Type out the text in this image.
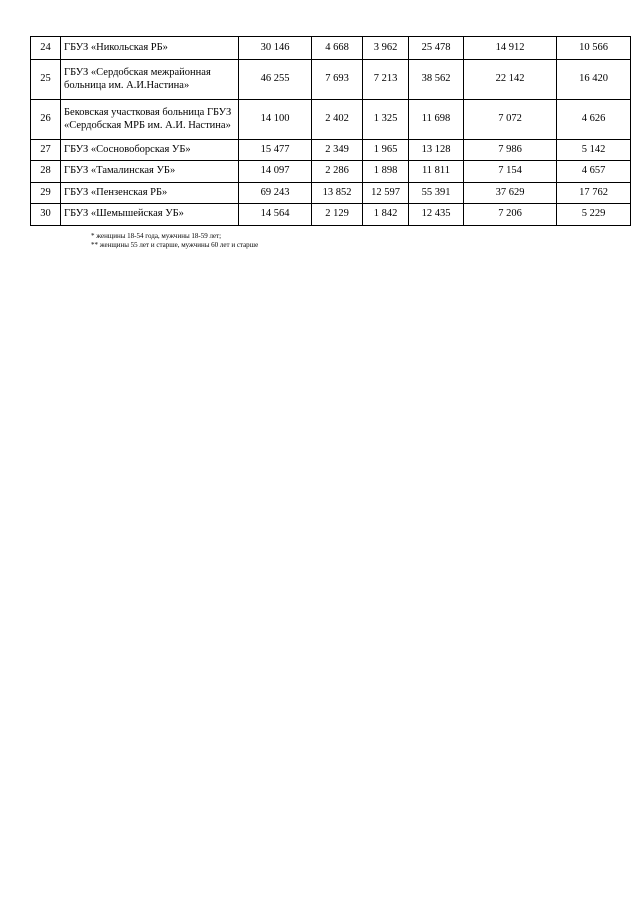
24	ГБУЗ «Никольская РБ»	30 146	4 668	3 962	25 478	14 912	10 566
25	ГБУЗ «Сердобская межрайонная больница им. А.И.Настина»	46 255	7 693	7 213	38 562	22 142	16 420
26	Бековская участковая больница ГБУЗ «Сердобская МРБ им. А.И. Настина»	14 100	2 402	1 325	11 698	7 072	4 626
27	ГБУЗ «Сосновоборская УБ»	15 477	2 349	1 965	13 128	7 986	5 142
28	ГБУЗ «Тамалинская УБ»	14 097	2 286	1 898	11 811	7 154	4 657
29	ГБУЗ «Пензенская РБ»	69 243	13 852	12 597	55 391	37 629	17 762
30	ГБУЗ «Шемышейская УБ»	14 564	2 129	1 842	12 435	7 206	5 229
* женщины 18-54 года, мужчины 18-59 лет;
** женщины 55 лет и старше, мужчины 60 лет и старше
